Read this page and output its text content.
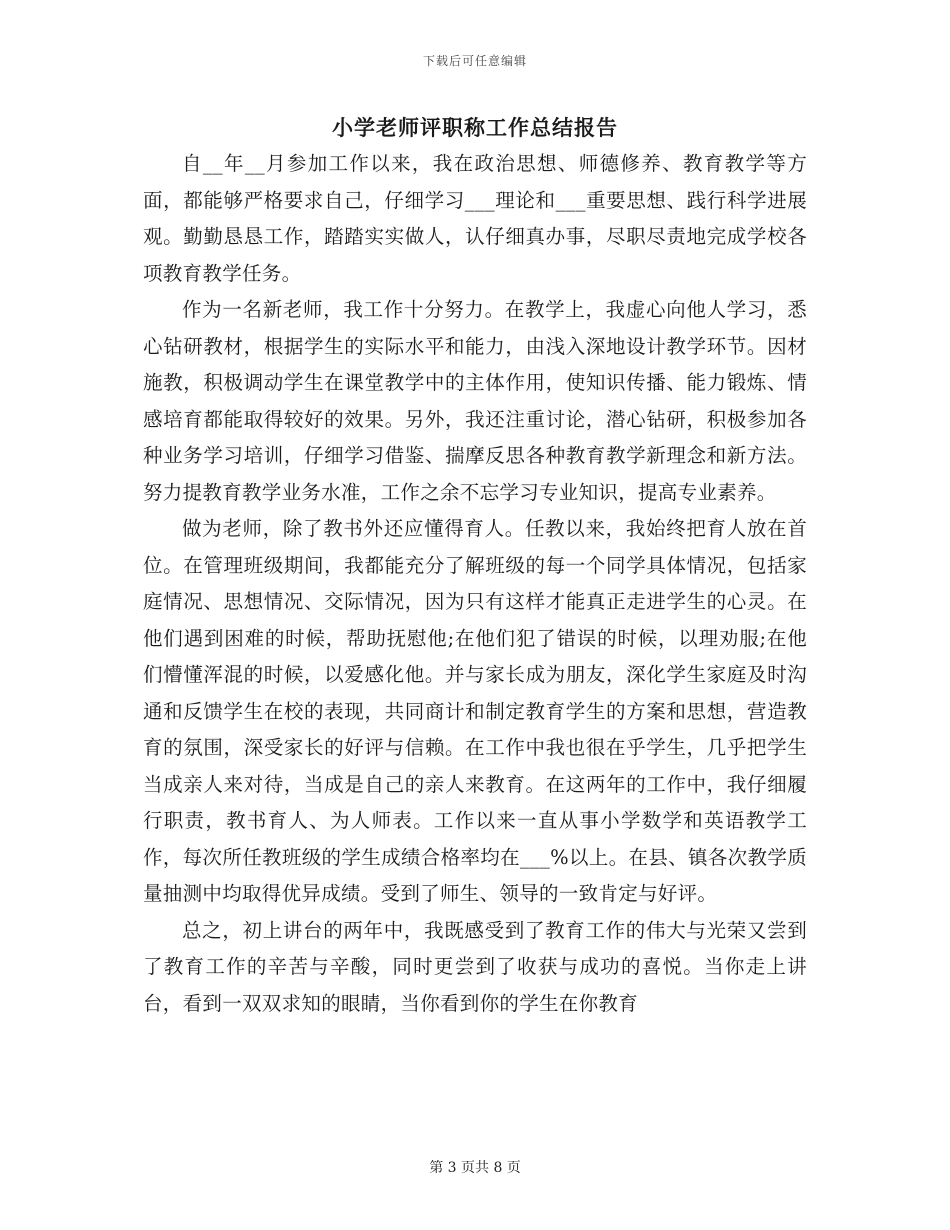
下载后可任意编辑
小学老师评职称工作总结报告

自__年__月参加工作以来，我在政治思想、师德修养、教育教学等方面，都能够严格要求自己，仔细学习___理论和___重要思想、践行科学进展观。勤勤恳恳工作，踏踏实实做人，认仔细真办事，尽职尽责地完成学校各项教育教学任务。

作为一名新老师，我工作十分努力。在教学上，我虚心向他人学习，悉心钻研教材，根据学生的实际水平和能力，由浅入深地设计教学环节。因材施教，积极调动学生在课堂教学中的主体作用，使知识传播、能力锻炼、情感培育都能取得较好的效果。另外，我还注重讨论，潜心钻研，积极参加各种业务学习培训，仔细学习借鉴、揣摩反思各种教育教学新理念和新方法。努力提教育教学业务水准，工作之余不忘学习专业知识，提高专业素养。

做为老师，除了教书外还应懂得育人。任教以来，我始终把育人放在首位。在管理班级期间，我都能充分了解班级的每一个同学具体情况，包括家庭情况、思想情况、交际情况，因为只有这样才能真正走进学生的心灵。在他们遇到困难的时候，帮助抚慰他;在他们犯了错误的时候，以理劝服;在他们懵懂浑混的时候，以爱感化他。并与家长成为朋友，深化学生家庭及时沟通和反馈学生在校的表现，共同商计和制定教育学生的方案和思想，营造教育的氛围，深受家长的好评与信赖。在工作中我也很在乎学生，几乎把学生当成亲人来对待，当成是自己的亲人来教育。在这两年的工作中，我仔细履行职责，教书育人、为人师表。工作以来一直从事小学数学和英语教学工作，每次所任教班级的学生成绩合格率均在___%以上。在县、镇各次教学质量抽测中均取得优异成绩。受到了师生、领导的一致肯定与好评。

总之，初上讲台的两年中，我既感受到了教育工作的伟大与光荣又尝到了教育工作的辛苦与辛酸，同时更尝到了收获与成功的喜悦。当你走上讲台，看到一双双求知的眼睛，当你看到你的学生在你教育

第 3 页共 8 页
